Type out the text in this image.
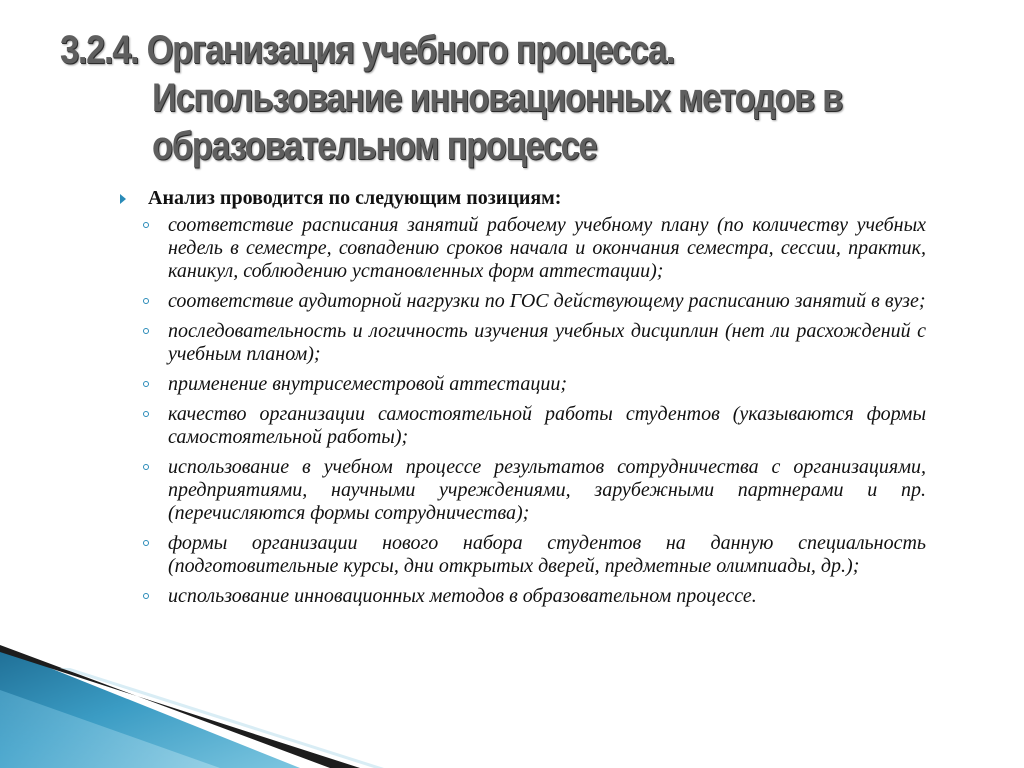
3.2.4. Организация учебного процесса.
Использование инновационных методов в
образовательном процессе
Анализ проводится по следующим позициям:
соответствие расписания занятий рабочему учебному плану (по количеству учебных недель в семестре, совпадению сроков начала и окончания семестра, сессии, практик, каникул, соблюдению установленных форм аттестации);
соответствие аудиторной нагрузки по ГОС действующему расписанию занятий в вузе;
последовательность и логичность изучения учебных дисциплин (нет ли расхождений с учебным планом);
применение внутрисеместровой аттестации;
качество организации самостоятельной работы студентов (указываются формы самостоятельной работы);
использование в учебном процессе результатов сотрудничества с организациями, предприятиями, научными учреждениями, зарубежными партнерами и пр. (перечисляются формы сотрудничества);
формы организации нового набора студентов на данную специальность (подготовительные курсы, дни открытых дверей, предметные олимпиады, др.);
использование инновационных методов в образовательном процессе.
